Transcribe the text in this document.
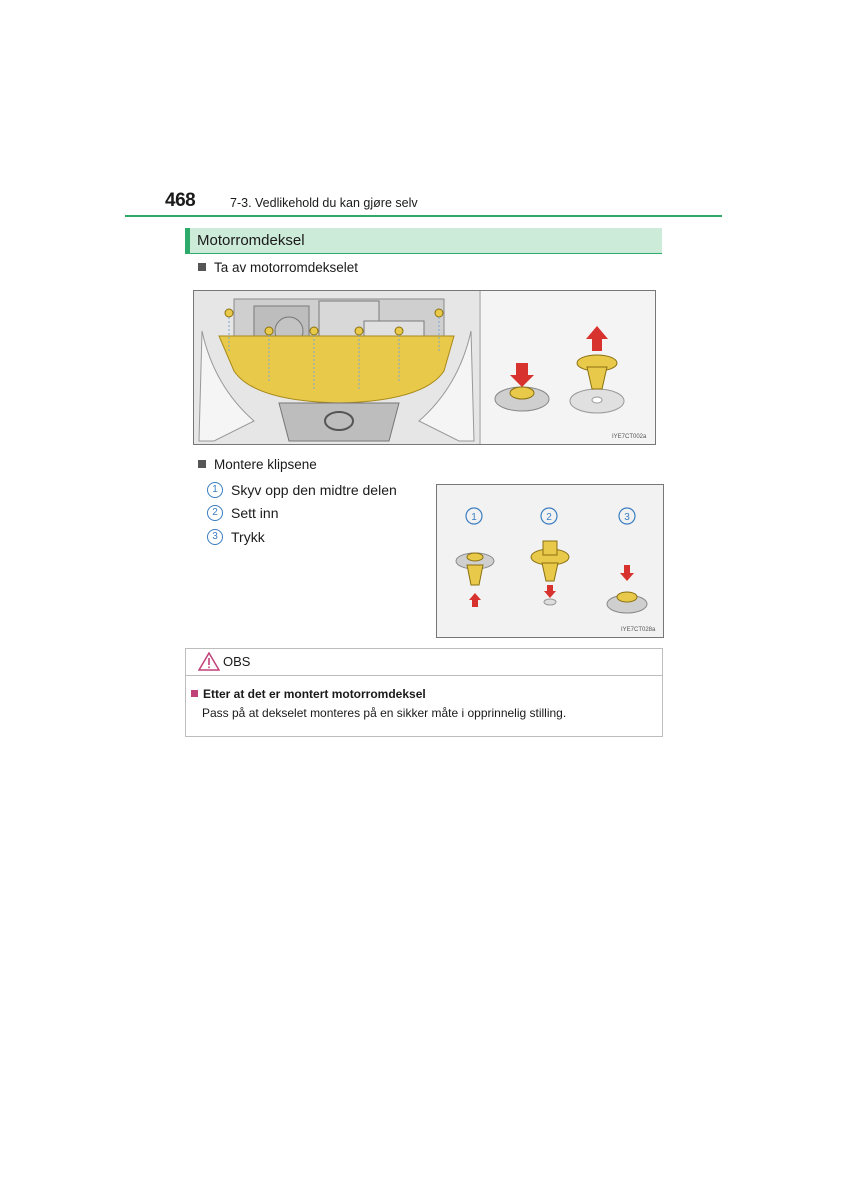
468	7-3. Vedlikehold du kan gjøre selv
Motorromdeksel
Ta av motorromdekselet
IYE7CT002a
Montere klipsene
1 Skyv opp den midtre delen
2 Sett inn
3 Trykk
1	2	3
IYE7CT028a
OBS
Etter at det er montert motorromdeksel
Pass på at dekselet monteres på en sikker måte i opprinnelig stilling.
